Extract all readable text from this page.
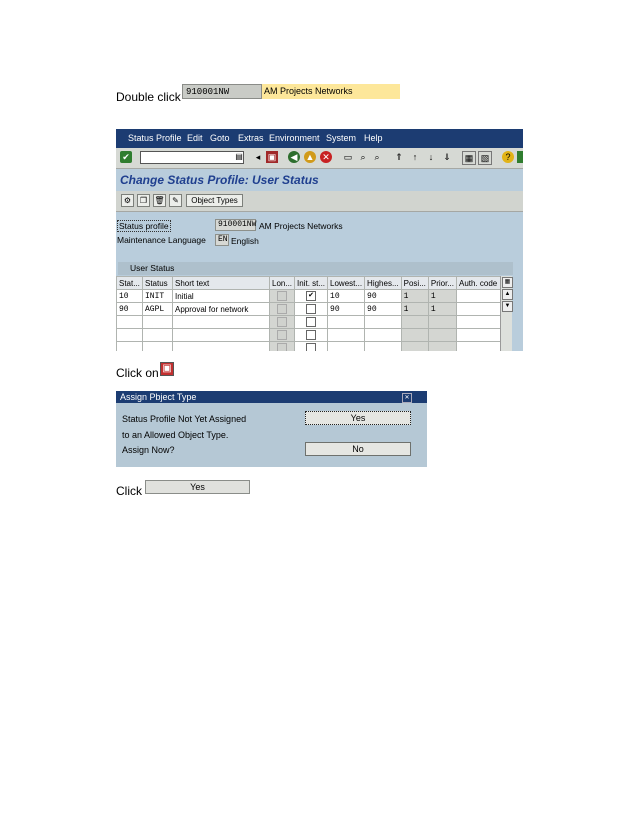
Double click 910001NW	AM Projects Networks
Status Profile Edit Goto Extras Environment System Help
✔	▤	◂ ▣ ◀ ▲ ✕ ▭ ⌕ ⌕	⇑	↑	↓	⇓	▦ ▧	?
Change Status Profile: User Status
⚙	❐ 🗑 ✎	Object Types
Status profile	910001NW AM Projects Networks
Maintenance Language	EN English
User Status
Stat...	Status	Short text	Lon...	Init. st...	Lowest...	Highes...	Posi...	Prior...	Auth. code
10	INIT	Initial		✔	10	90	1	1	
90	AGPL	Approval for network			90	90	1	1	

▦
▲
▼
Click on ▣
Assign Pbject Type	✕
Status Profile Not Yet Assigned
to an Allowed Object Type.
Assign Now?
Yes
No
Click	Yes
